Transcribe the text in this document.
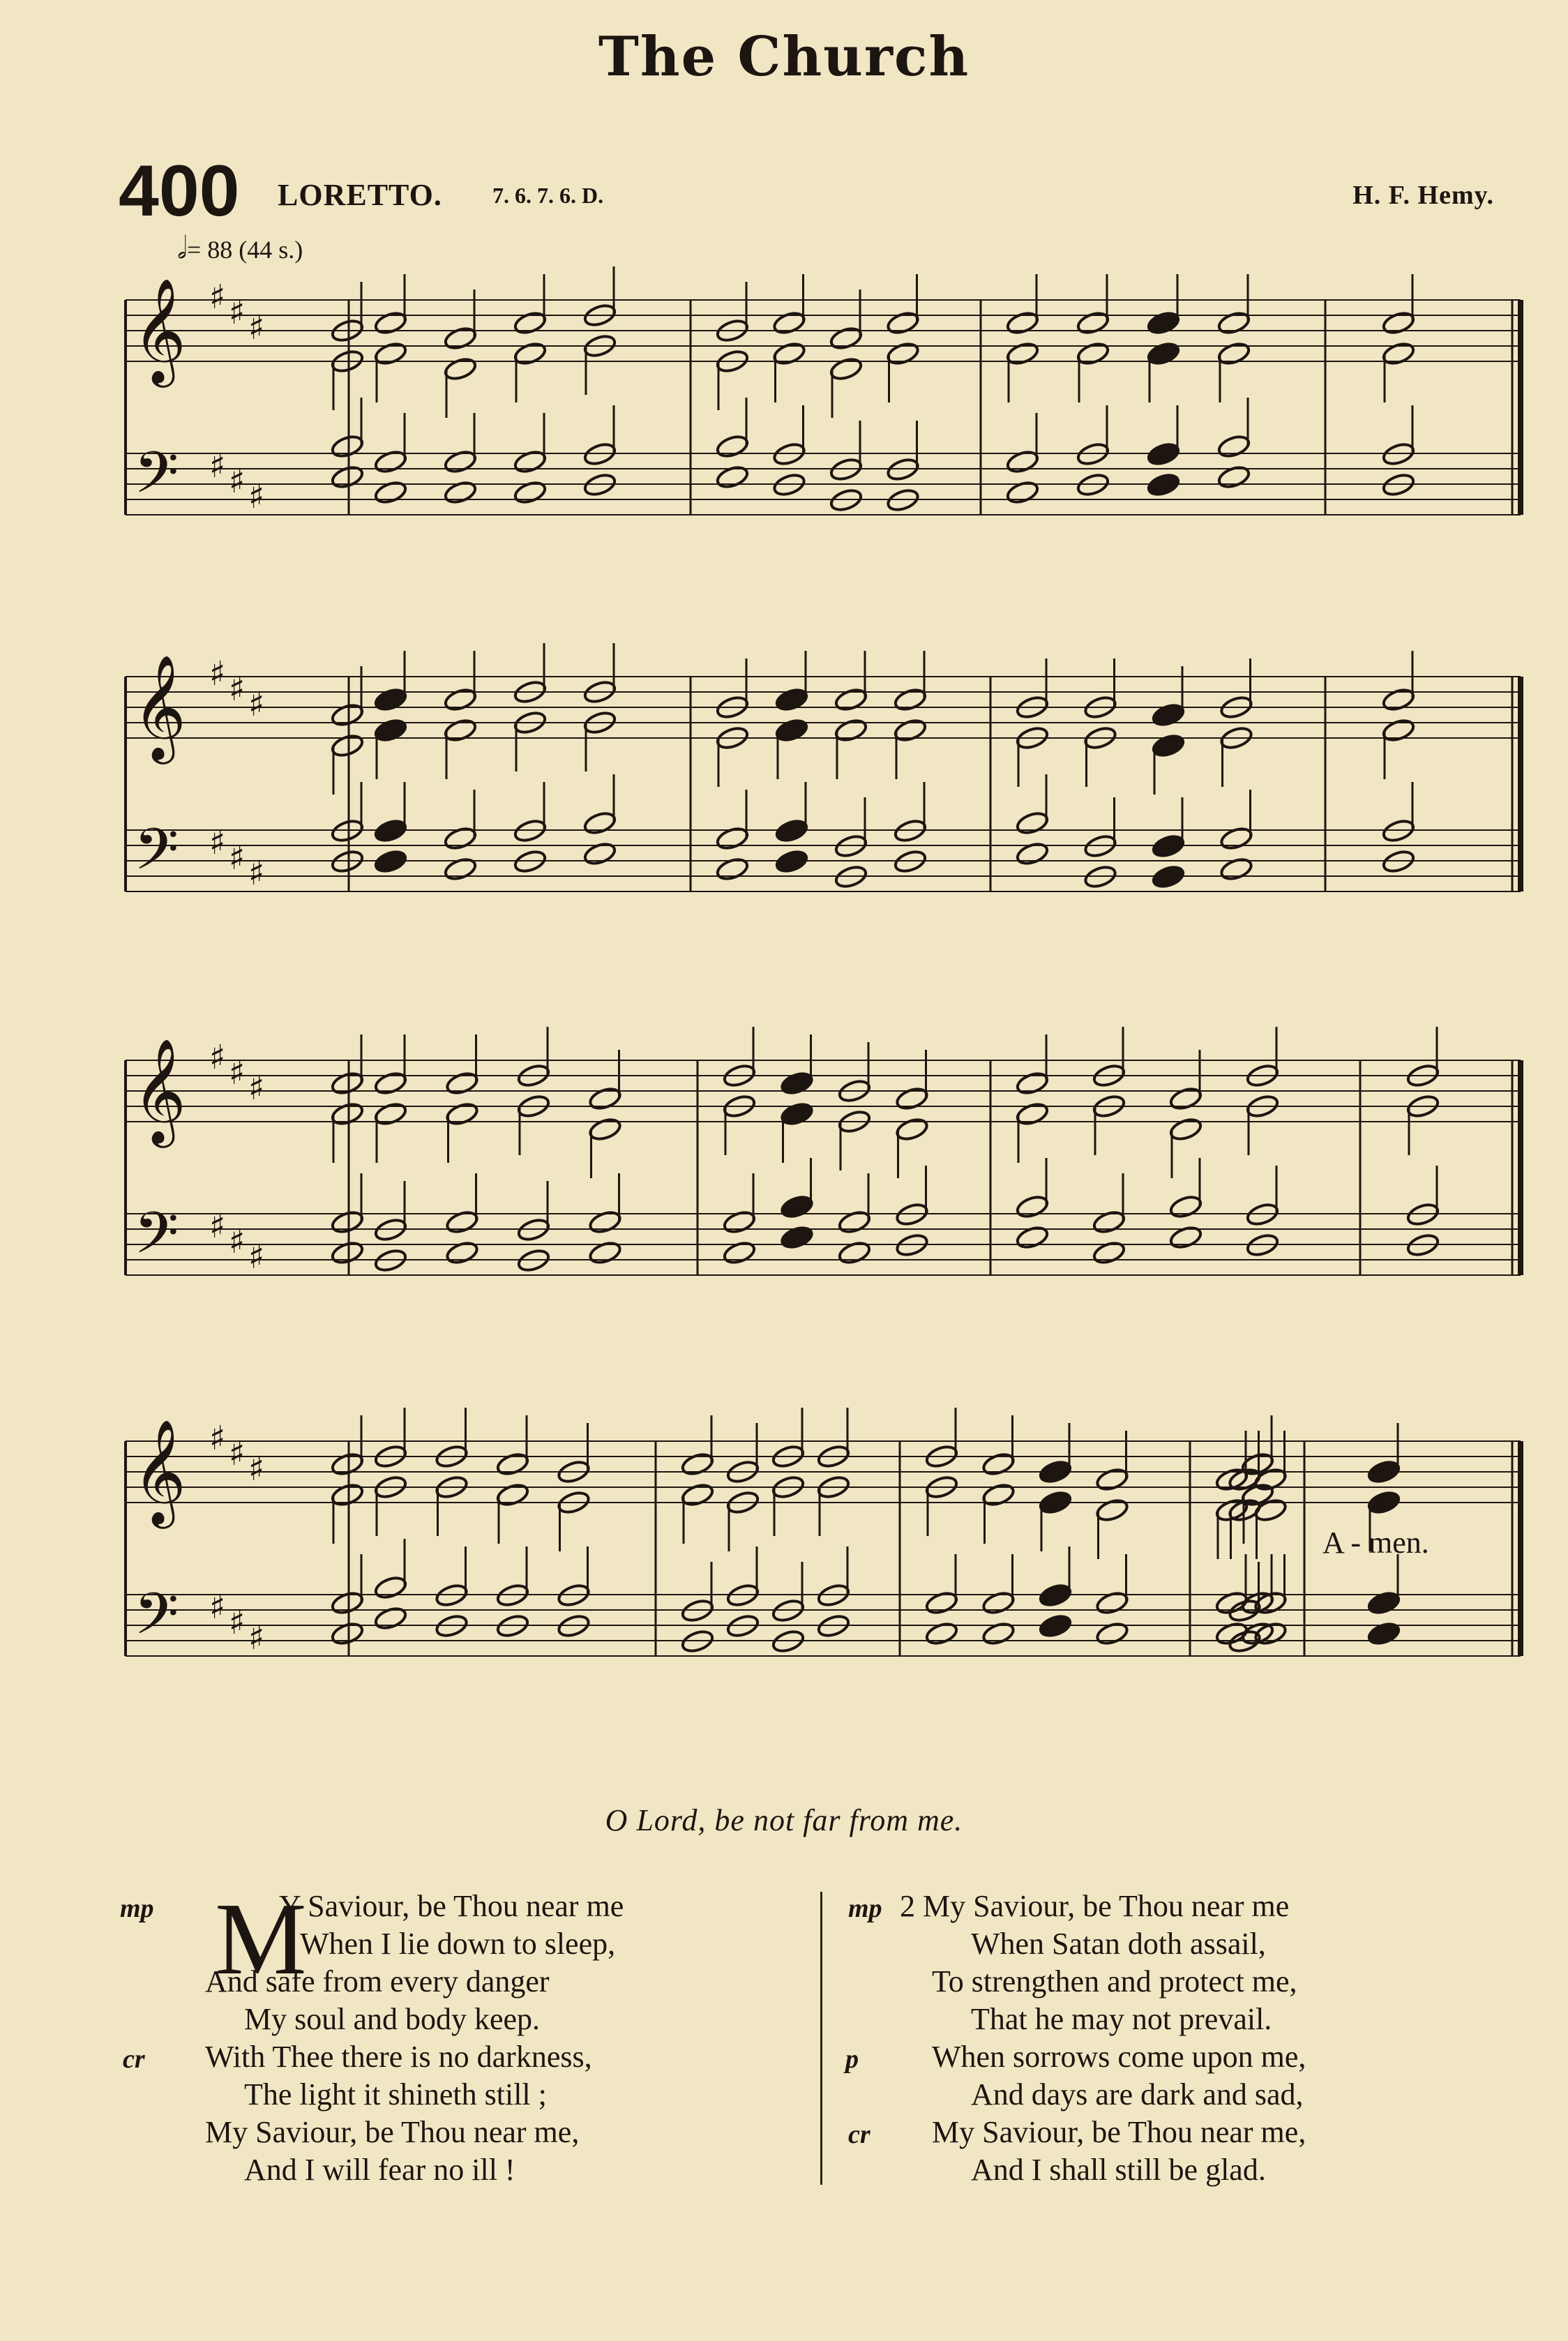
The Church
400 LORETTO. 7. 6. 7. 6. D.	H. F. Hemy.
𝅗𝅥= 88 (44 s.)
𝄞
𝄢
♯
♯
♯
♯
♯
♯
𝄞
𝄢
♯
♯
♯
♯
♯
♯
𝄞
𝄢
♯
♯
♯
♯
♯
♯
𝄞
𝄢
♯
♯
♯
♯
♯
♯
A - men.
O Lord, be not far from me.
mp
cr
M
Y Saviour, be Thou near me
When I lie down to sleep,
And safe from every danger
My soul and body keep.
With Thee there is no darkness,
The light it shineth still ;
My Saviour, be Thou near me,
And I will fear no ill !
mp
p
cr
2 My Saviour, be Thou near me
When Satan doth assail,
To strengthen and protect me,
That he may not prevail.
When sorrows come upon me,
And days are dark and sad,
My Saviour, be Thou near me,
And I shall still be glad.
